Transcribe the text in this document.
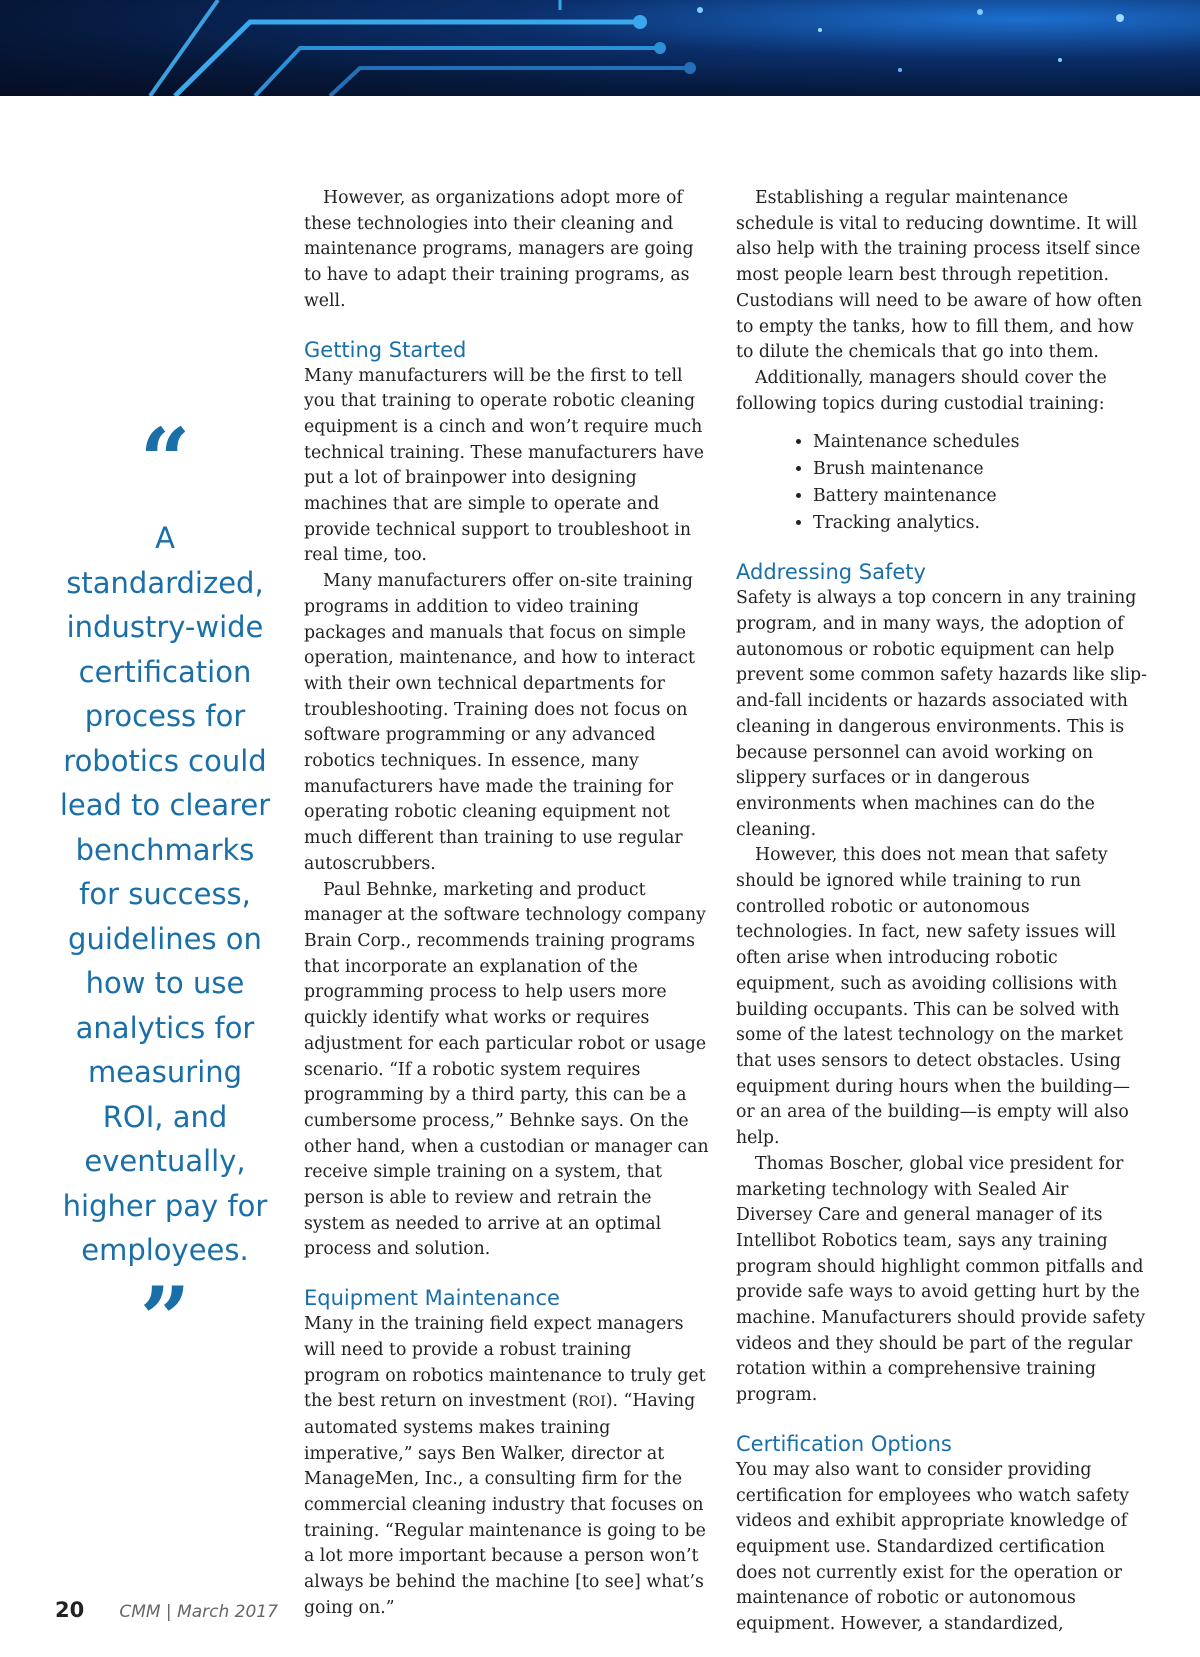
“
A standardized, industry-wide certification process for robotics could lead to clearer benchmarks for success, guidelines on how to use analytics for measuring ROI, and eventually, higher pay for employees.
”

However, as organizations adopt more of these technologies into their cleaning and maintenance programs, managers are going to have to adapt their training programs, as well.

Getting Started

Many manufacturers will be the first to tell you that training to operate robotic cleaning equipment is a cinch and won’t require much technical training. These manufacturers have put a lot of brainpower into designing machines that are simple to operate and provide technical support to troubleshoot in real time, too.

Many manufacturers offer on-site training programs in addition to video training packages and manuals that focus on simple operation, maintenance, and how to interact with their own technical departments for troubleshooting. Training does not focus on software programming or any advanced robotics techniques. In essence, many manufacturers have made the training for operating robotic cleaning equipment not much different than training to use regular autoscrubbers.

Paul Behnke, marketing and product manager at the software technology company Brain Corp., recommends training programs that incorporate an explanation of the programming process to help users more quickly identify what works or requires adjustment for each particular robot or usage scenario. “If a robotic system requires programming by a third party, this can be a cumbersome process,” Behnke says. On the other hand, when a custodian or manager can receive simple training on a system, that person is able to review and retrain the system as needed to arrive at an optimal process and solution.

Equipment Maintenance

Many in the training field expect managers will need to provide a robust training program on robotics maintenance to truly get the best return on investment (ROI). “Having automated systems makes training imperative,” says Ben Walker, director at ManageMen, Inc., a consulting firm for the commercial cleaning industry that focuses on training. “Regular maintenance is going to be a lot more important because a person won’t always be behind the machine [to see] what’s going on.”

Establishing a regular maintenance schedule is vital to reducing downtime. It will also help with the training process itself since most people learn best through repetition. Custodians will need to be aware of how often to empty the tanks, how to fill them, and how to dilute the chemicals that go into them.

Additionally, managers should cover the following topics during custodial training:

• Maintenance schedules
• Brush maintenance
• Battery maintenance
• Tracking analytics.
Addressing Safety

Safety is always a top concern in any training program, and in many ways, the adoption of autonomous or robotic equipment can help prevent some common safety hazards like slip-and-fall incidents or hazards associated with cleaning in dangerous environments. This is because personnel can avoid working on slippery surfaces or in dangerous environments when machines can do the cleaning.

However, this does not mean that safety should be ignored while training to run controlled robotic or autonomous technologies. In fact, new safety issues will often arise when introducing robotic equipment, such as avoiding collisions with building occupants. This can be solved with some of the latest technology on the market that uses sensors to detect obstacles. Using equipment during hours when the building—or an area of the building—is empty will also help.

Thomas Boscher, global vice president for marketing technology with Sealed Air Diversey Care and general manager of its Intellibot Robotics team, says any training program should highlight common pitfalls and provide safe ways to avoid getting hurt by the machine. Manufacturers should provide safety videos and they should be part of the regular rotation within a comprehensive training program.

Certification Options

You may also want to consider providing certification for employees who watch safety videos and exhibit appropriate knowledge of equipment use. Standardized certification does not currently exist for the operation or maintenance of robotic or autonomous equipment. However, a standardized,

20 CMM | March 2017
